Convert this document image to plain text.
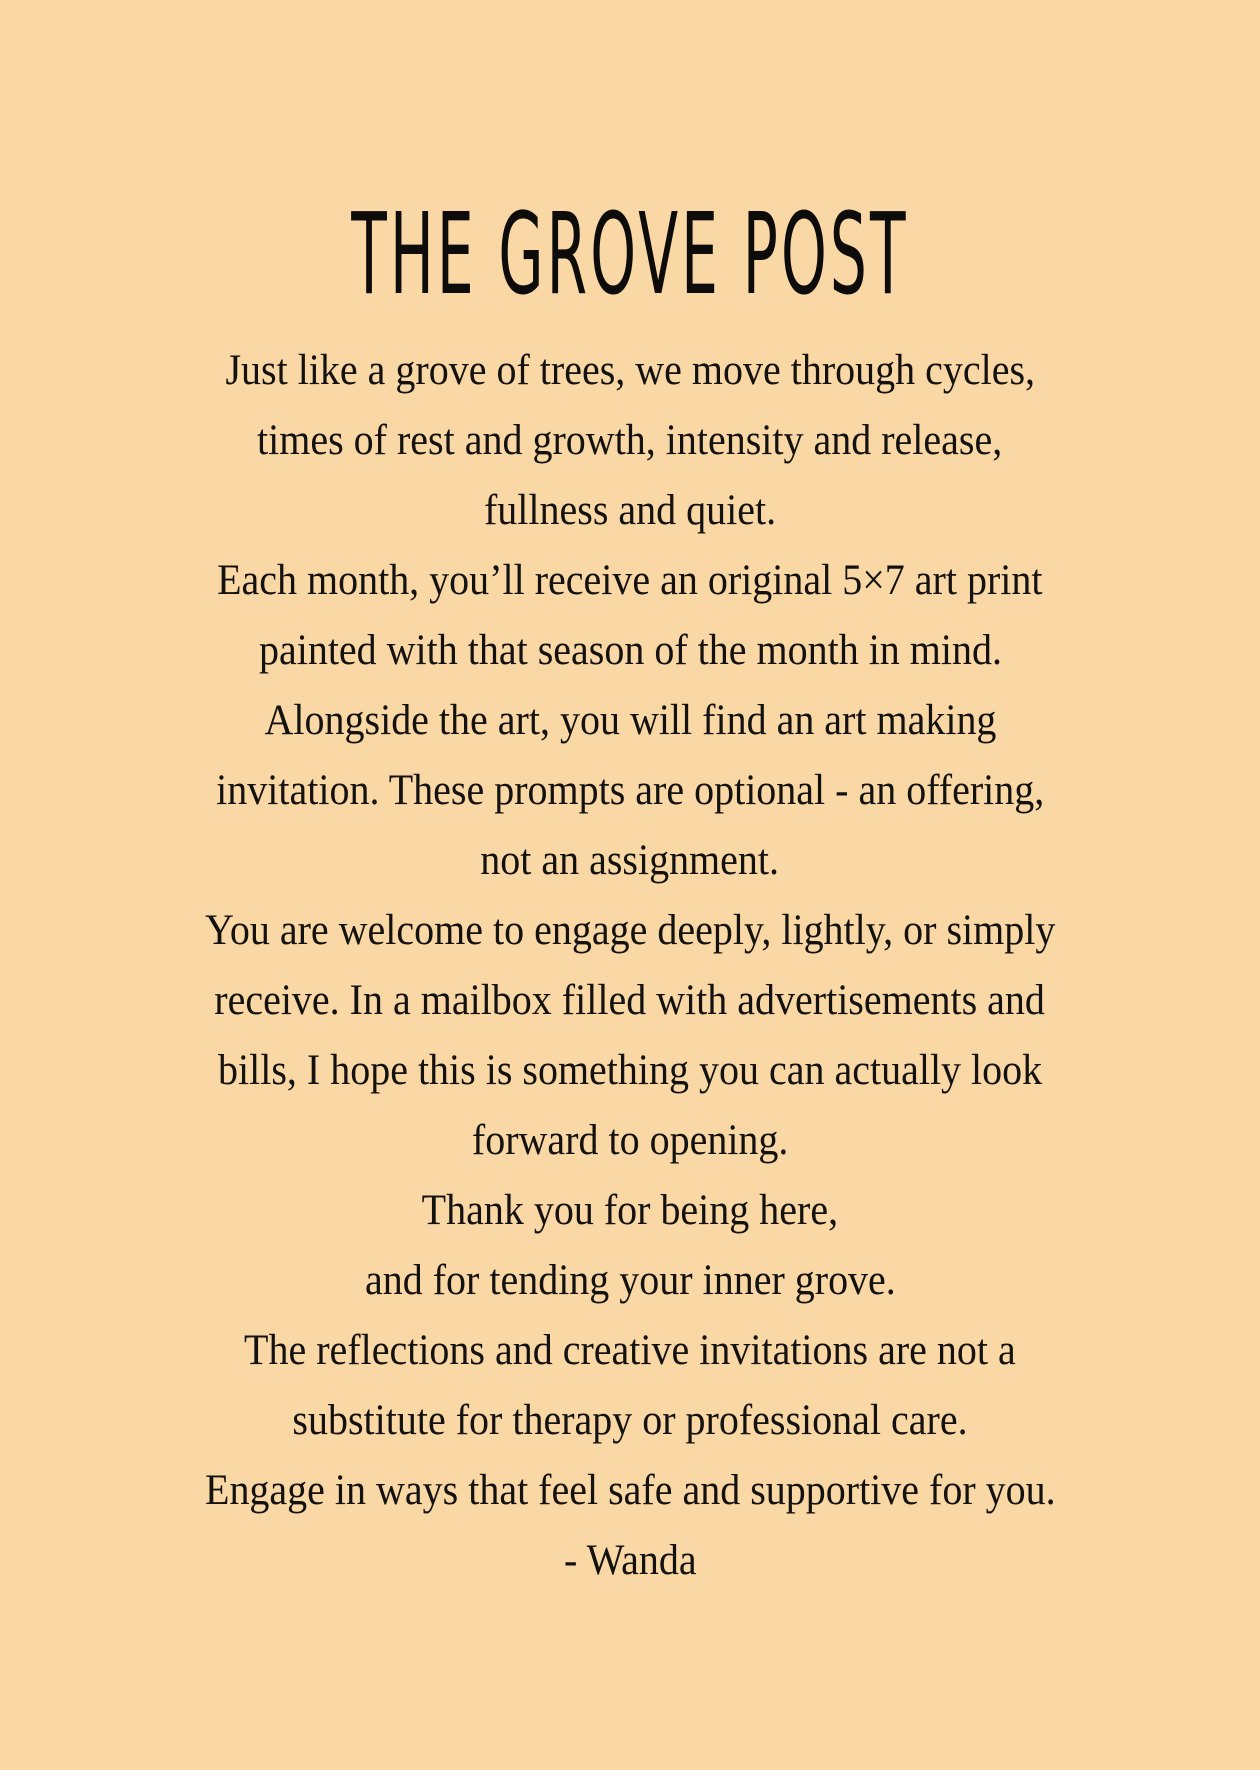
THE GROVE POST
Just like a grove of trees, we move through cycles,
times of rest and growth, intensity and release,
fullness and quiet.
Each month, you’ll receive an original 5×7 art print
painted with that season of the month in mind.
Alongside the art, you will find an art making
invitation. These prompts are optional - an offering,
not an assignment.
You are welcome to engage deeply, lightly, or simply
receive. In a mailbox filled with advertisements and
bills, I hope this is something you can actually look
forward to opening.
Thank you for being here,
and for tending your inner grove.
The reflections and creative invitations are not a
substitute for therapy or professional care.
Engage in ways that feel safe and supportive for you.
- Wanda
